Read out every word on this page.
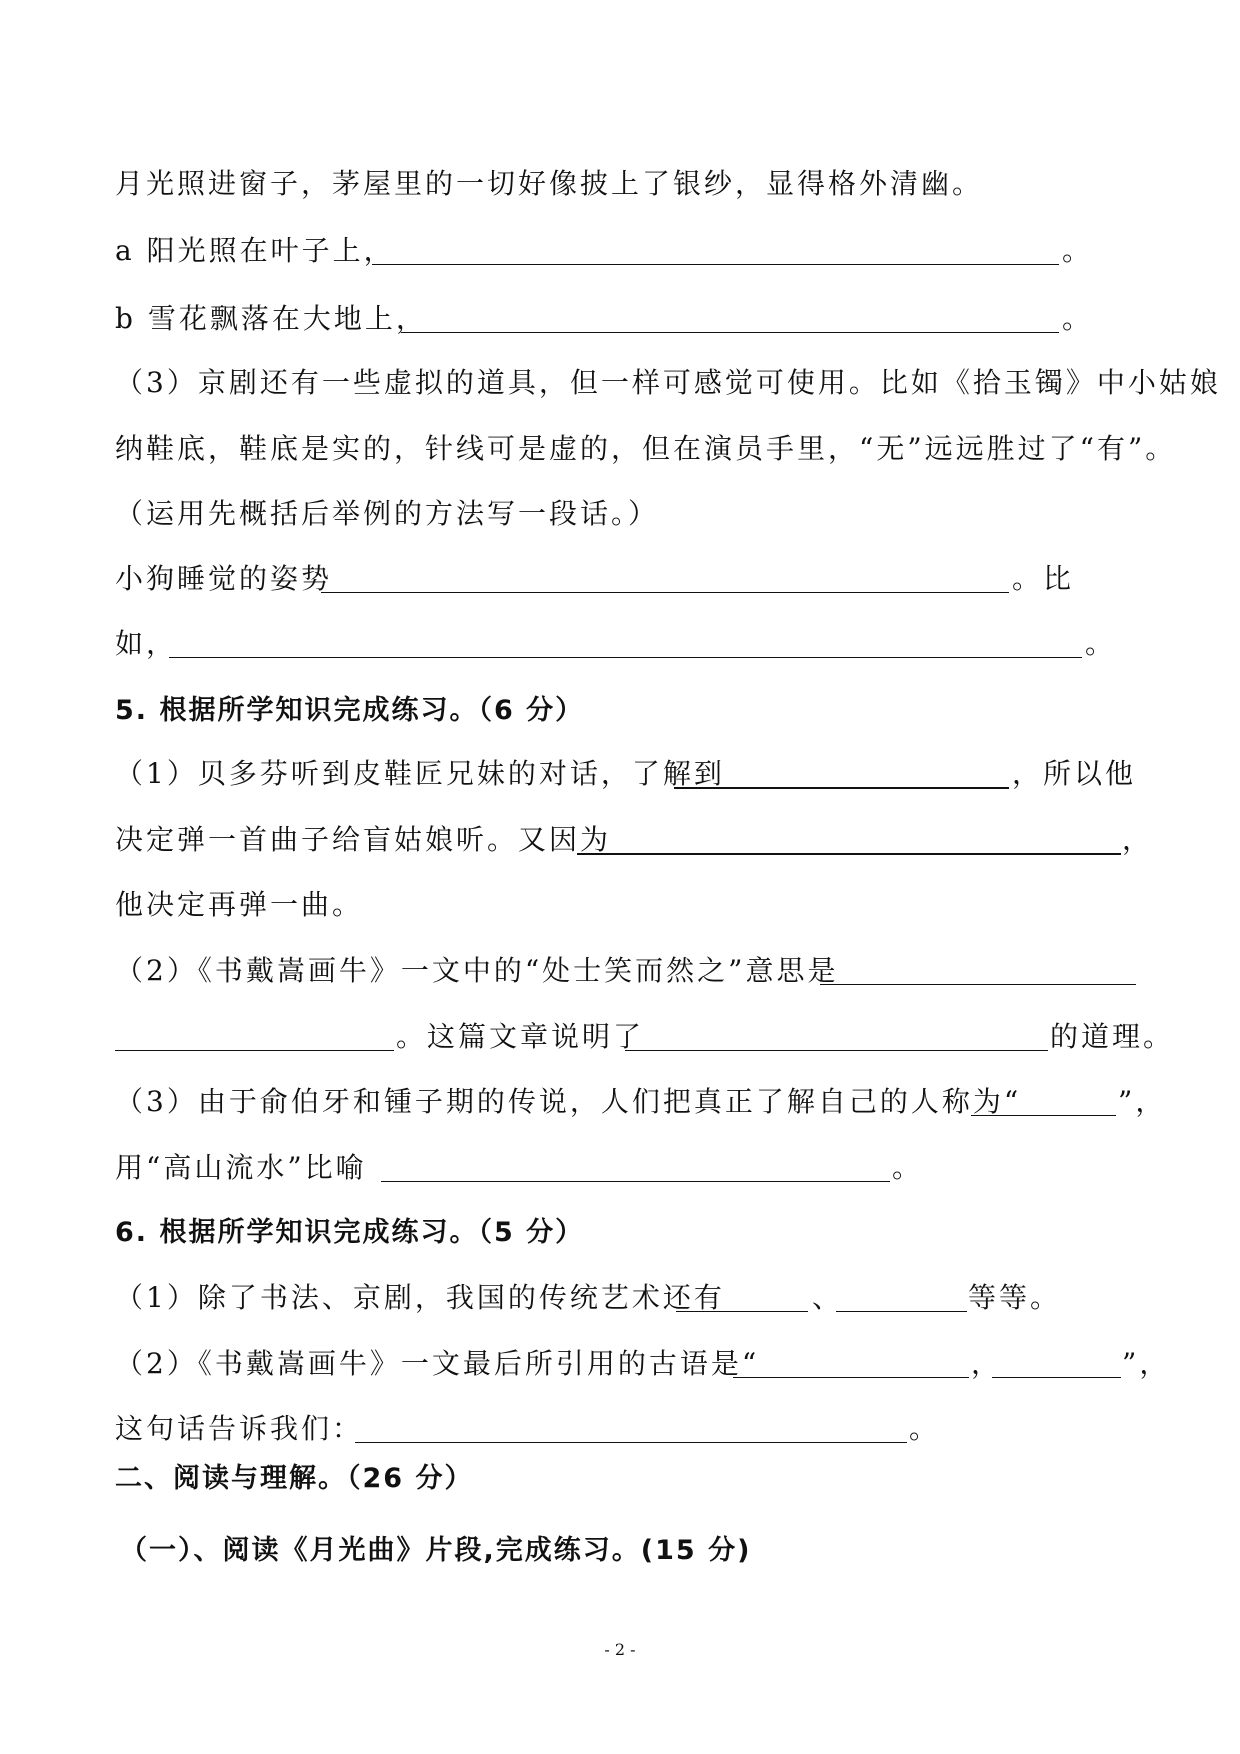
月光照进窗子，茅屋里的一切好像披上了银纱，显得格外清幽。
a 阳光照在叶子上，	。
b 雪花飘落在大地上，	。
（3）京剧还有一些虚拟的道具，但一样可感觉可使用。比如《拾玉镯》中小姑娘
纳鞋底，鞋底是实的，针线可是虚的，但在演员手里，“无”远远胜过了“有”。
（运用先概括后举例的方法写一段话。）
小狗睡觉的姿势	。比
如，	。
5. 根据所学知识完成练习。（6 分）
（1）贝多芬听到皮鞋匠兄妹的对话，了解到	，所以他
决定弹一首曲子给盲姑娘听。又因为	，
他决定再弹一曲。
（2）《书戴嵩画牛》一文中的“处士笑而然之”意思是
。这篇文章说明了	的道理。
（3）由于俞伯牙和锺子期的传说，人们把真正了解自己的人称为“	”，
用“高山流水”比喻	。
6. 根据所学知识完成练习。（5 分）
（1）除了书法、京剧，我国的传统艺术还有	、	等等。
（2）《书戴嵩画牛》一文最后所引用的古语是“	，	”，
这句话告诉我们：	。
二、阅读与理解。（26 分）
（一）、阅读《月光曲》片段,完成练习。(15 分)
- 2 -
